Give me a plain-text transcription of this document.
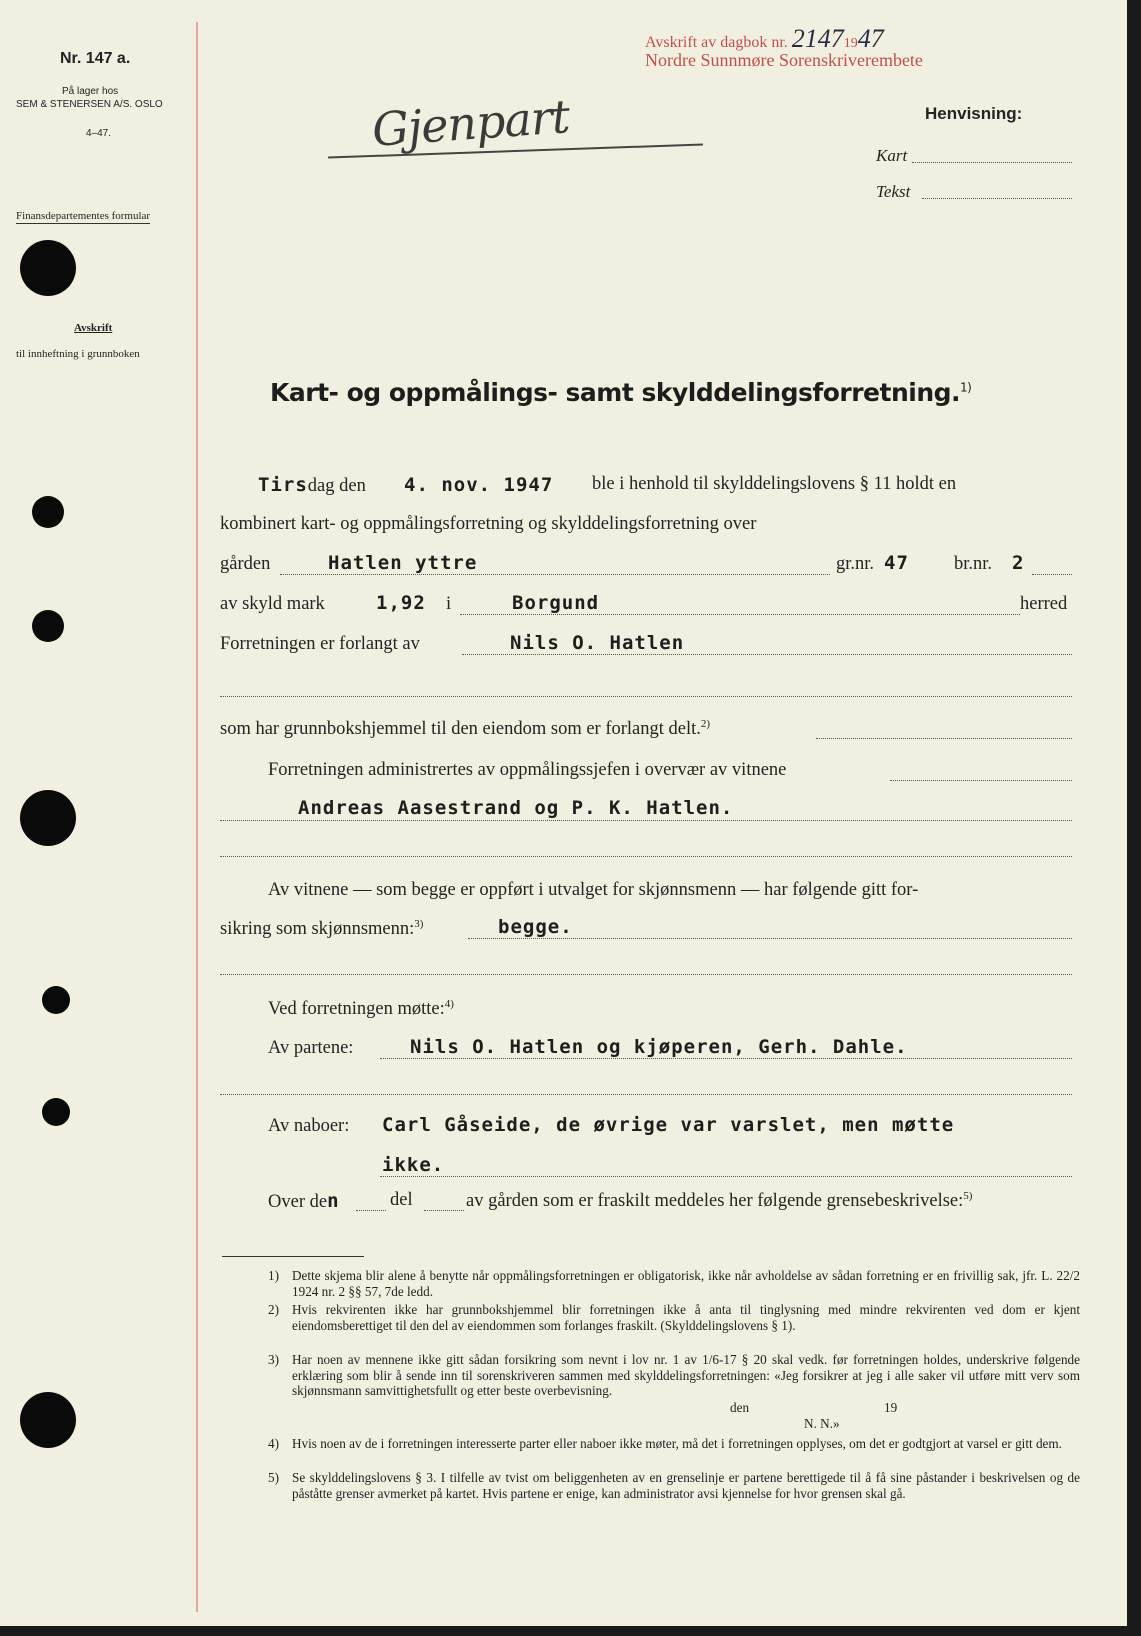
Nr. 147 a.
På lager hos
SEM & STENERSEN A/S. OSLO
4–47.
Finansdepartementes formular
Avskrift
til innheftning i grunnboken
Avskrift av dagbok nr. 21471947
Nordre Sunnmøre Sorenskriverembete
Gjenpart	Henvisning:
Kart
Tekst
Kart- og oppmålings- samt skylddelingsforretning.$^{1)}$
Tirsdag den 4. nov. 1947 ble i henhold til skylddelingslovens § 11 holdt en
kombinert kart- og oppmålingsforretning og skylddelingsforretning over
gården	Hatlen yttre	gr.nr. 47 br.nr. 2
av skyld mark	1,92 i	Borgund	herred
Forretningen er forlangt av	Nils O. Hatlen
som har grunnbokshjemmel til den eiendom som er forlangt delt.$^{2)}$
Forretningen administrertes av oppmålingssjefen i overvær av vitnene
Andreas Aasestrand og P. K. Hatlen.
Av vitnene — som begge er oppført i utvalget for skjønnsmenn — har følgende gitt for-
sikring som skjønnsmenn:$^{3)}$	begge.
Ved forretningen møtte:$^{4)}$
Av partene:	Nils O. Hatlen og kjøperen, Gerh. Dahle.
Av naboer: Carl Gåseide, de øvrige var varslet, men møtte
ikke.
Over den	del	av gården som er fraskilt meddeles her følgende grensebeskrivelse:$^{5)}$
1) Dette skjema blir alene å benytte når oppmålingsforretningen er obligatorisk, ikke når avholdelse av sådan forretning er en frivillig sak, jfr. L. 22/2 1924 nr. 2 §§ 57, 7de ledd.
2) Hvis rekvirenten ikke har grunnbokshjemmel blir forretningen ikke å anta til tinglysning med mindre rekvirenten ved dom er kjent eiendomsberettiget til den del av eiendommen som forlanges fraskilt. (Skylddelingslovens § 1).
3) Har noen av mennene ikke gitt sådan forsikring som nevnt i lov nr. 1 av 1/6-17 § 20 skal vedk. før forretningen holdes, underskrive følgende erklæring som blir å sende inn til sorenskriveren sammen med skylddelingsforretningen: «Jeg forsikrer at jeg i alle saker vil utføre mitt verv som skjønnsmann samvittighetsfullt og etter beste overbevisning.
den	19
N. N.»
4) Hvis noen av de i forretningen interesserte parter eller naboer ikke møter, må det i forretningen opplyses, om det er godtgjort at varsel er gitt dem.
5) Se skylddelingslovens § 3. I tilfelle av tvist om beliggenheten av en grenselinje er partene berettigede til å få sine påstander i beskrivelsen og de påståtte grenser avmerket på kartet. Hvis partene er enige, kan administrator avsi kjennelse for hvor grensen skal gå.
